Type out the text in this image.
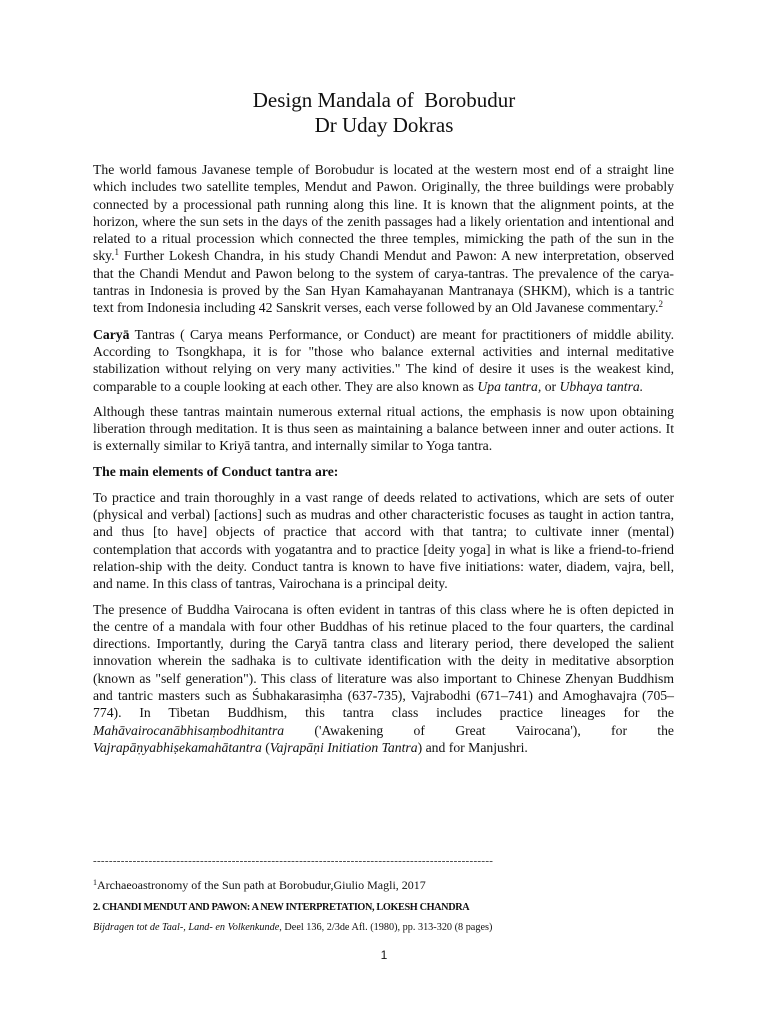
Design Mandala of  Borobudur
Dr Uday Dokras

The world famous Javanese temple of Borobudur is located at the western most end of a straight line which includes two satellite temples, Mendut and Pawon. Originally, the three buildings were probably connected by a processional path running along this line. It is known that the alignment points, at the horizon, where the sun sets in the days of the zenith passages had a likely orientation and intentional and related to a ritual procession which connected the three temples, mimicking the path of the sun in the sky.$^1$ Further Lokesh Chandra, in his study Chandi Mendut and Pawon: A new interpretation, observed that the Chandi Mendut and Pawon belong to the system of carya-tantras. The prevalence of the carya-tantras in Indonesia is proved by the San Hyan Kamahayanan Mantranaya (SHKM), which is a tantric text from Indonesia including 42 Sanskrit verses, each verse followed by an Old Javanese commentary.$^2$

Caryā Tantras ( Carya means Performance, or Conduct) are meant for practitioners of middle ability. According to Tsongkhapa, it is for "those who balance external activities and internal meditative stabilization without relying on very many activities." The kind of desire it uses is the weakest kind, comparable to a couple looking at each other. They are also known as Upa tantra, or Ubhaya tantra.

Although these tantras maintain numerous external ritual actions, the emphasis is now upon obtaining liberation through meditation. It is thus seen as maintaining a balance between inner and outer actions. It is externally similar to Kriyā tantra, and internally similar to Yoga tantra.

The main elements of Conduct tantra are:

To practice and train thoroughly in a vast range of deeds related to activations, which are sets of outer (physical and verbal) [actions] such as mudras and other characteristic focuses as taught in action tantra, and thus [to have] objects of practice that accord with that tantra; to cultivate inner (mental) contemplation that accords with yogatantra and to practice [deity yoga] in what is like a friend-to-friend relation-ship with the deity. Conduct tantra is known to have five initiations: water, diadem, vajra, bell, and name. In this class of tantras, Vairochana is a principal deity.

The presence of Buddha Vairocana is often evident in tantras of this class where he is often depicted in the centre of a mandala with four other Buddhas of his retinue placed to the four quarters, the cardinal directions. Importantly, during the Caryā tantra class and literary period, there developed the salient innovation wherein the sadhaka is to cultivate identification with the deity in meditative absorption (known as "self generation"). This class of literature was also important to Chinese Zhenyan Buddhism and tantric masters such as Śubhakarasiṃha (637-735), Vajrabodhi (671–741) and Amoghavajra (705–774). In Tibetan Buddhism, this tantra class includes practice lineages for the Mahāvairocanābhisaṃbodhitantra ('Awakening of Great Vairocana'), for the Vajrapāṇyabhiṣekamahātantra (Vajrapāṇi Initiation Tantra) and for Manjushri.

-----------------------------------------------------------------------------------------------------
$^1$Archaeoastronomy of the Sun path at Borobudur,Giulio Magli, 2017
2. CHANDI MENDUT AND PAWON: A NEW INTERPRETATION, LOKESH CHANDRA
Bijdragen tot de Taal-, Land- en Volkenkunde, Deel 136, 2/3de Afl. (1980), pp. 313-320 (8 pages)
1
